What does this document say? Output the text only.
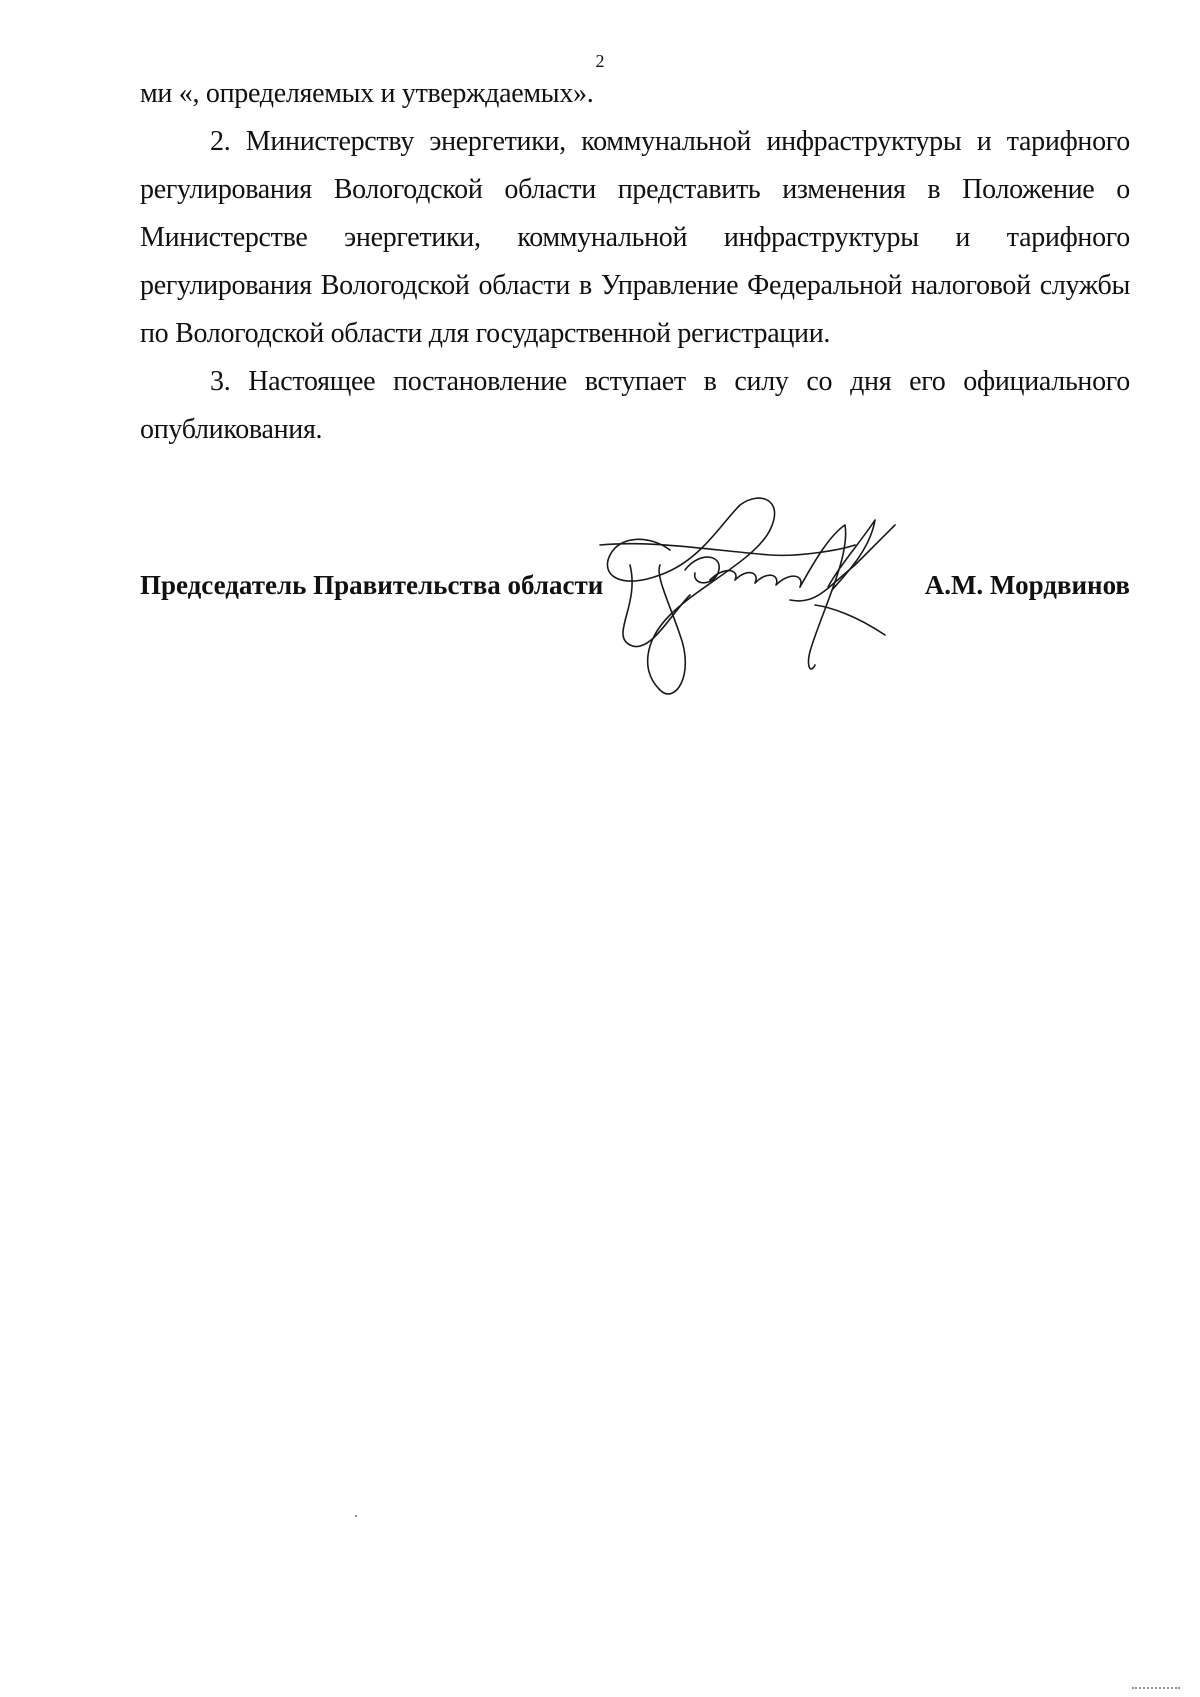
2

ми «, определяемых и утверждаемых».

2. Министерству энергетики, коммунальной инфраструктуры и тарифного регулирования Вологодской области представить изменения в Положение о Министерстве энергетики, коммунальной инфраструктуры и тарифного регулирования Вологодской области в Управление Федеральной налоговой службы по Вологодской области для государственной регистрации.

3. Настоящее постановление вступает в силу со дня его официального опубликования.

Председатель Правительства области	А.М. Мордвинов
